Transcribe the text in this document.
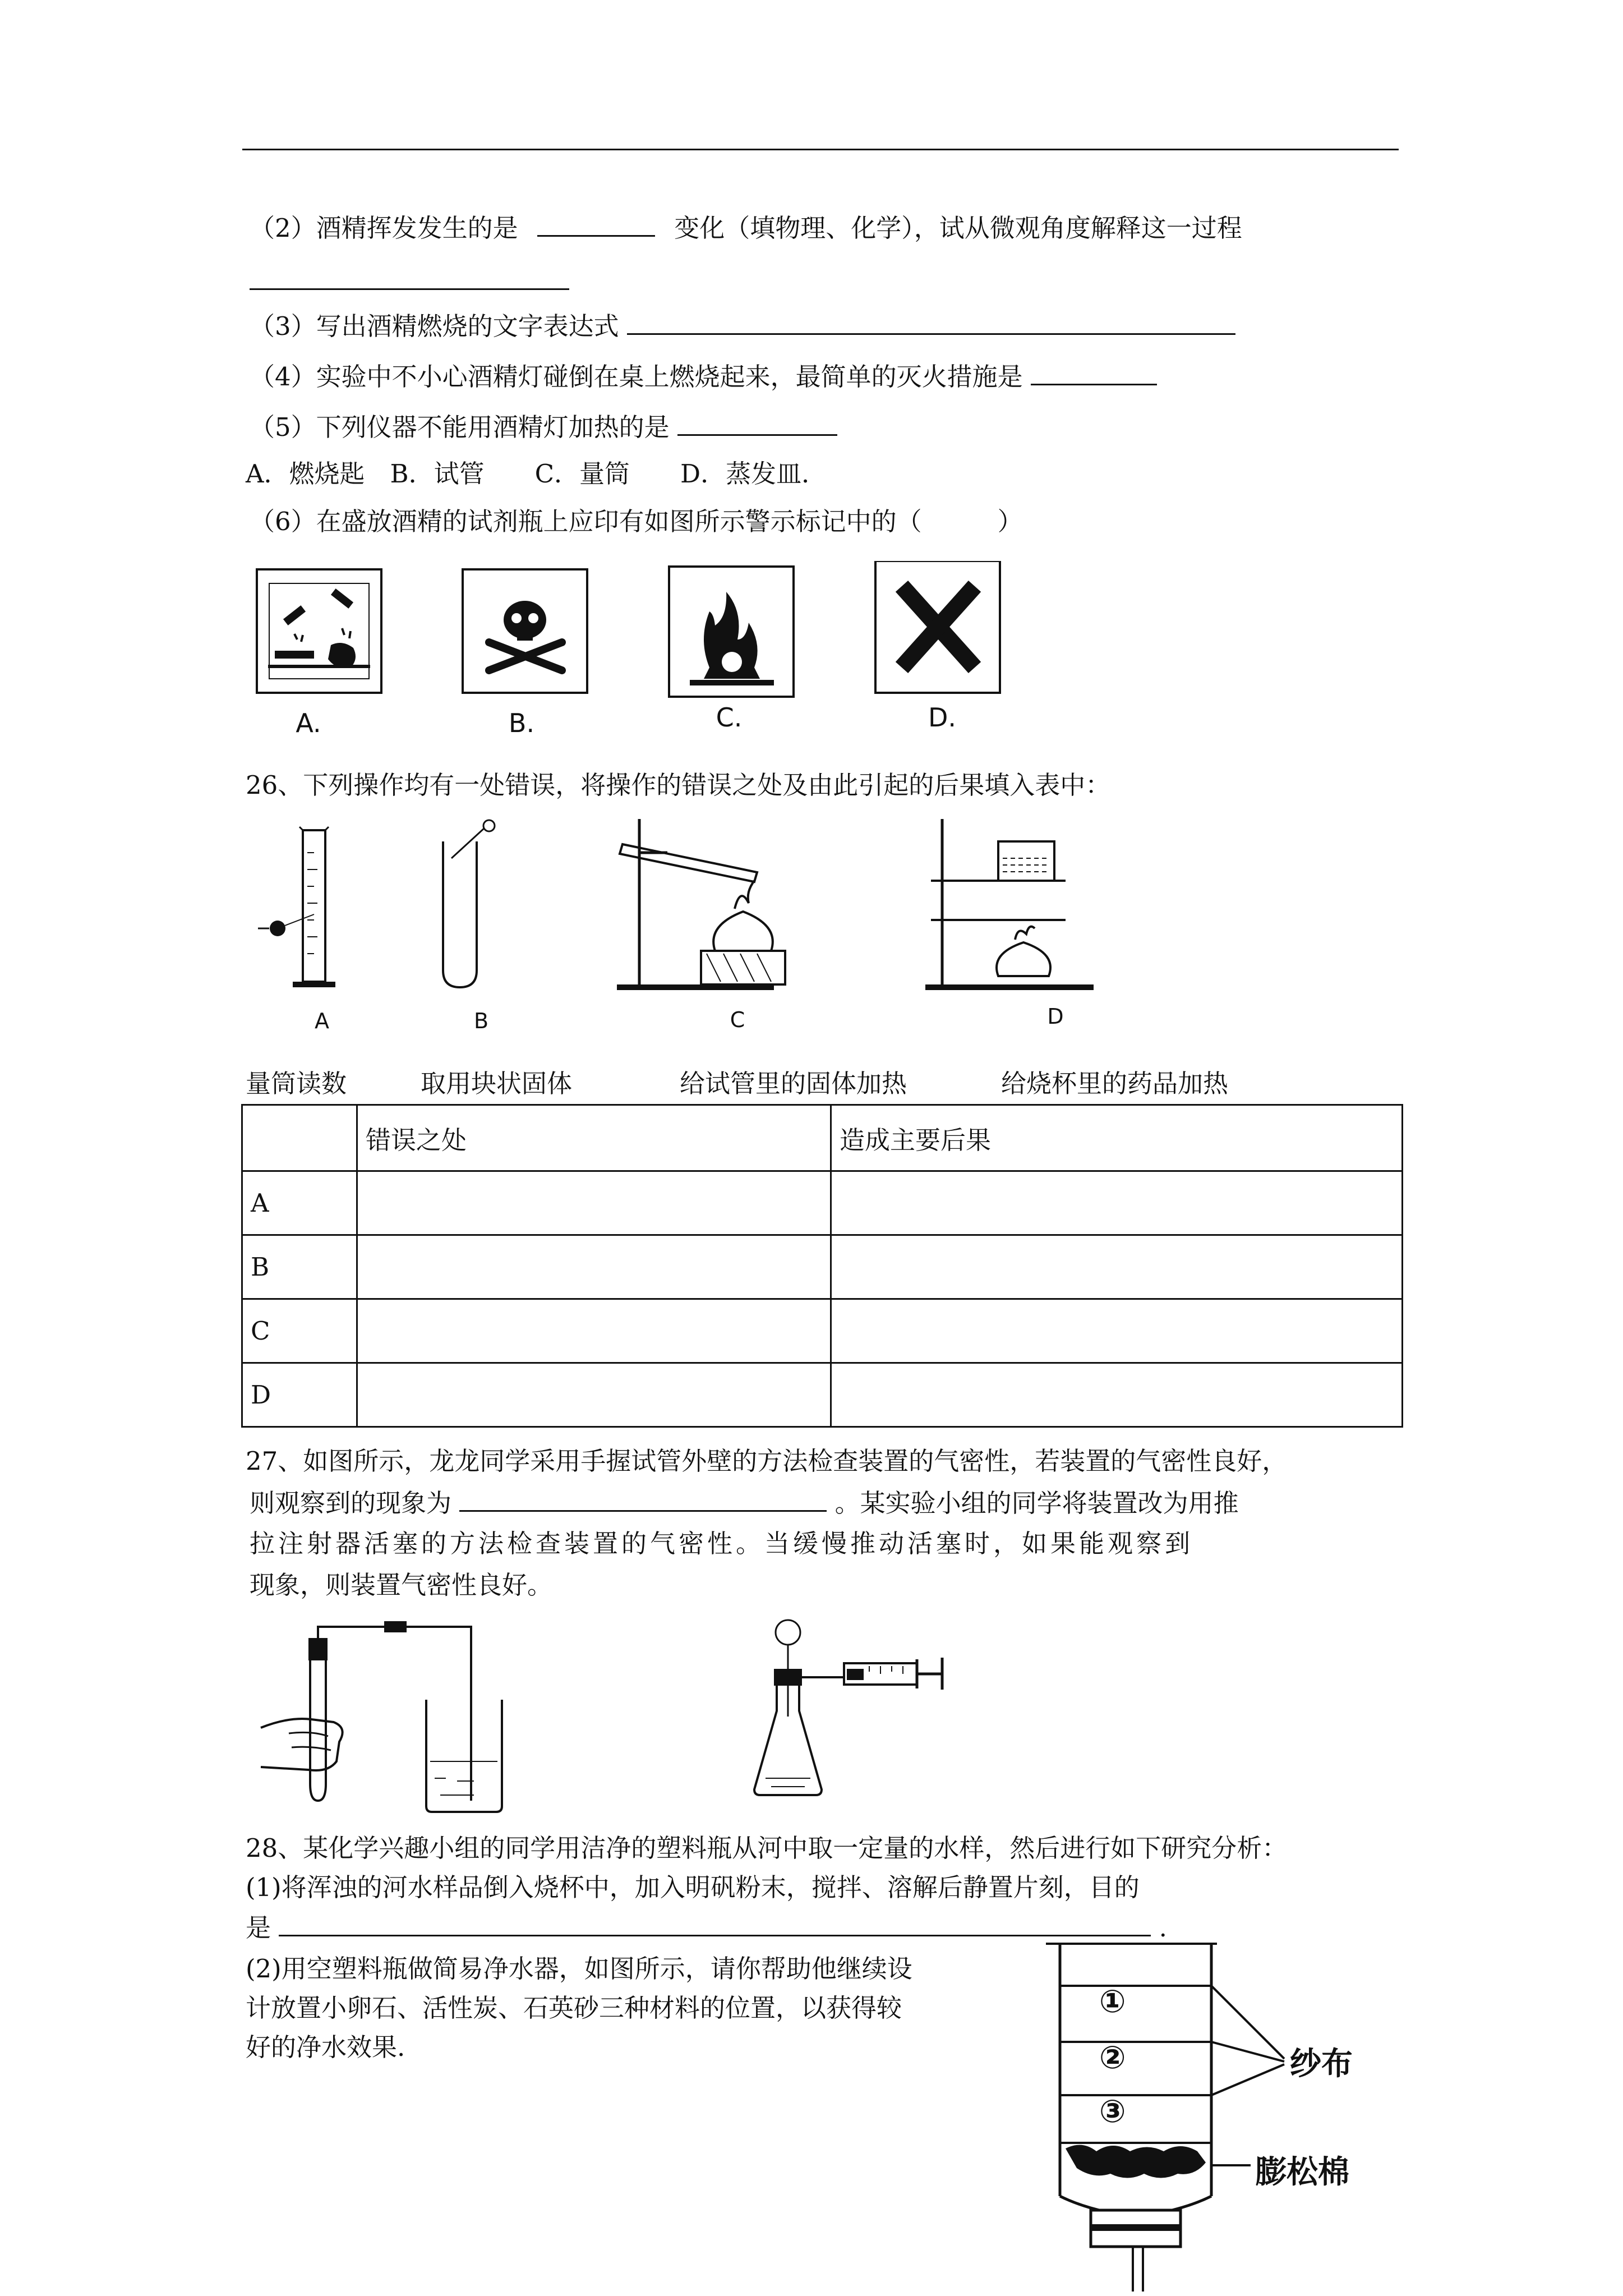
（2）酒精挥发发生的是	变化（填物理、化学），试从微观角度解释这一过程
（3）写出酒精燃烧的文字表达式
（4）实验中不小心酒精灯碰倒在桌上燃烧起来，最简单的灭火措施是
（5）下列仪器不能用酒精灯加热的是
A．燃烧匙　B．试管　　C．量筒　　D．蒸发皿．
（6）在盛放酒精的试剂瓶上应印有如图所示警示标记中的（　　　）
A.	B.	C.	D.
26、下列操作均有一处错误，将操作的错误之处及由此引起的后果填入表中：
A	B	C	D
量筒读数	取用块状固体	给试管里的固体加热	给烧杯里的药品加热
	错误之处	造成主要后果
A		
B		
C		
D		
27、如图所示，龙龙同学采用手握试管外壁的方法检查装置的气密性，若装置的气密性良好，
则观察到的现象为	。某实验小组的同学将装置改为用推
拉注射器活塞的方法检查装置的气密性。当缓慢推动活塞时，如果能观察到
现象，则装置气密性良好。
28、某化学兴趣小组的同学用洁净的塑料瓶从河中取一定量的水样，然后进行如下研究分析：
(1)将浑浊的河水样品倒入烧杯中，加入明矾粉末，搅拌、溶解后静置片刻，目的
是	.
(2)用空塑料瓶做简易净水器，如图所示，请你帮助他继续设
计放置小卵石、活性炭、石英砂三种材料的位置，以获得较
好的净水效果.
①
②
③
纱布
膨松棉
